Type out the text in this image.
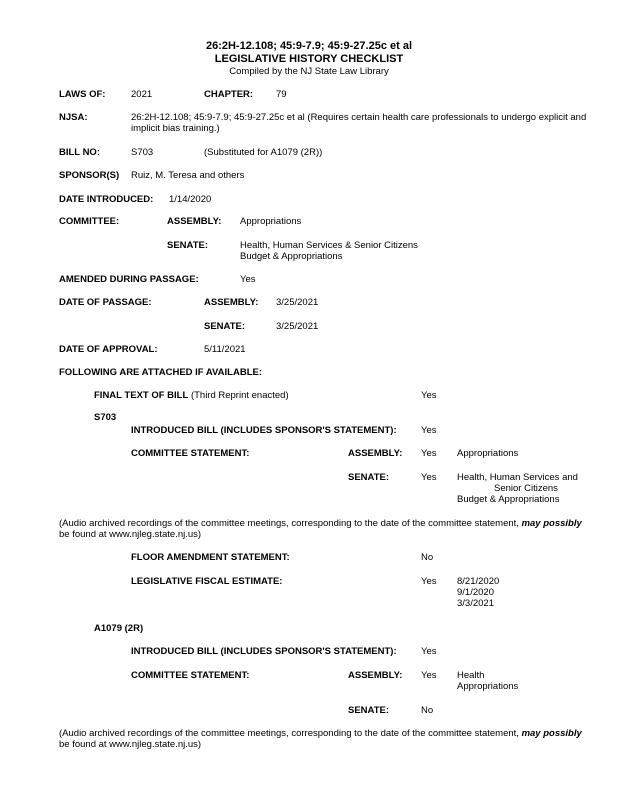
26:2H-12.108; 45:9-7.9; 45:9-27.25c et al
LEGISLATIVE HISTORY CHECKLIST
Compiled by the NJ State Law Library
LAWS OF:	2021	CHAPTER: 79
NJSA:	26:2H-12.108; 45:9-7.9; 45:9-27.25c et al (Requires certain health care professionals to undergo explicit and
implicit bias training.)
BILL NO:	S703	(Substituted for A1079 (2R))
SPONSOR(S) Ruiz, M. Teresa and others
DATE INTRODUCED: 1/14/2020
COMMITTEE:	ASSEMBLY: Appropriations
SENATE:	Health, Human Services & Senior Citizens
Budget & Appropriations
AMENDED DURING PASSAGE:	Yes
DATE OF PASSAGE:	ASSEMBLY: 3/25/2021
SENATE:	3/25/2021
DATE OF APPROVAL:	5/11/2021
FOLLOWING ARE ATTACHED IF AVAILABLE:
FINAL TEXT OF BILL (Third Reprint enacted)	Yes
S703
INTRODUCED BILL (INCLUDES SPONSOR'S STATEMENT):	Yes
COMMITTEE STATEMENT:	ASSEMBLY: Yes Appropriations
SENATE:	Yes Health, Human Services and
Senior Citizens
Budget & Appropriations
(Audio archived recordings of the committee meetings, corresponding to the date of the committee statement, may possibly
be found at www.njleg.state.nj.us)
FLOOR AMENDMENT STATEMENT:	No
LEGISLATIVE FISCAL ESTIMATE:	Yes 8/21/2020
9/1/2020
3/3/2021
A1079 (2R)
INTRODUCED BILL (INCLUDES SPONSOR'S STATEMENT):	Yes
COMMITTEE STATEMENT:	ASSEMBLY: Yes Health
Appropriations
SENATE:	No
(Audio archived recordings of the committee meetings, corresponding to the date of the committee statement, may possibly
be found at www.njleg.state.nj.us)
